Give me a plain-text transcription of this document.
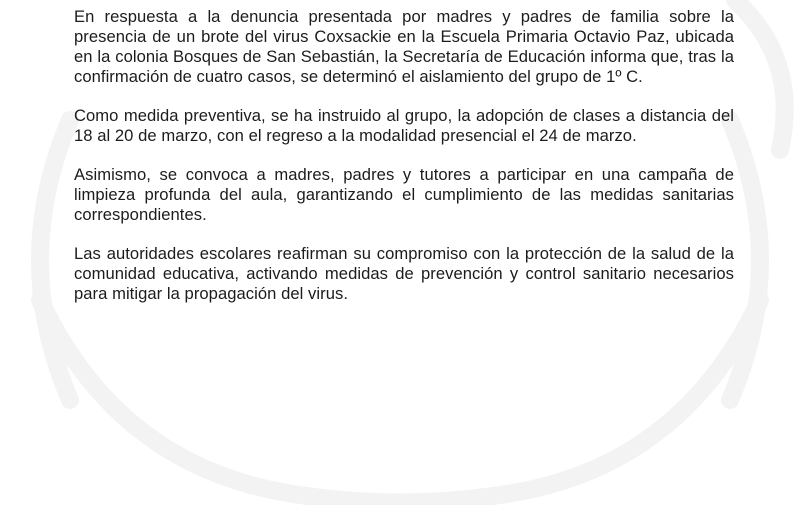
En respuesta a la denuncia presentada por madres y padres de familia sobre la presencia de un brote del virus Coxsackie en la Escuela Primaria Octavio Paz, ubicada en la colonia Bosques de San Sebastián, la Secretaría de Educación informa que, tras la confirmación de cuatro casos, se determinó el aislamiento del grupo de 1º C.

Como medida preventiva, se ha instruido al grupo, la adopción de clases a distancia del 18 al 20 de marzo, con el regreso a la modalidad presencial el 24 de marzo.

Asimismo, se convoca a madres, padres y tutores a participar en una campaña de limpieza profunda del aula, garantizando el cumplimiento de las medidas sanitarias correspondientes.

Las autoridades escolares reafirman su compromiso con la protección de la salud de la comunidad educativa, activando medidas de prevención y control sanitario necesarios para mitigar la propagación del virus.
